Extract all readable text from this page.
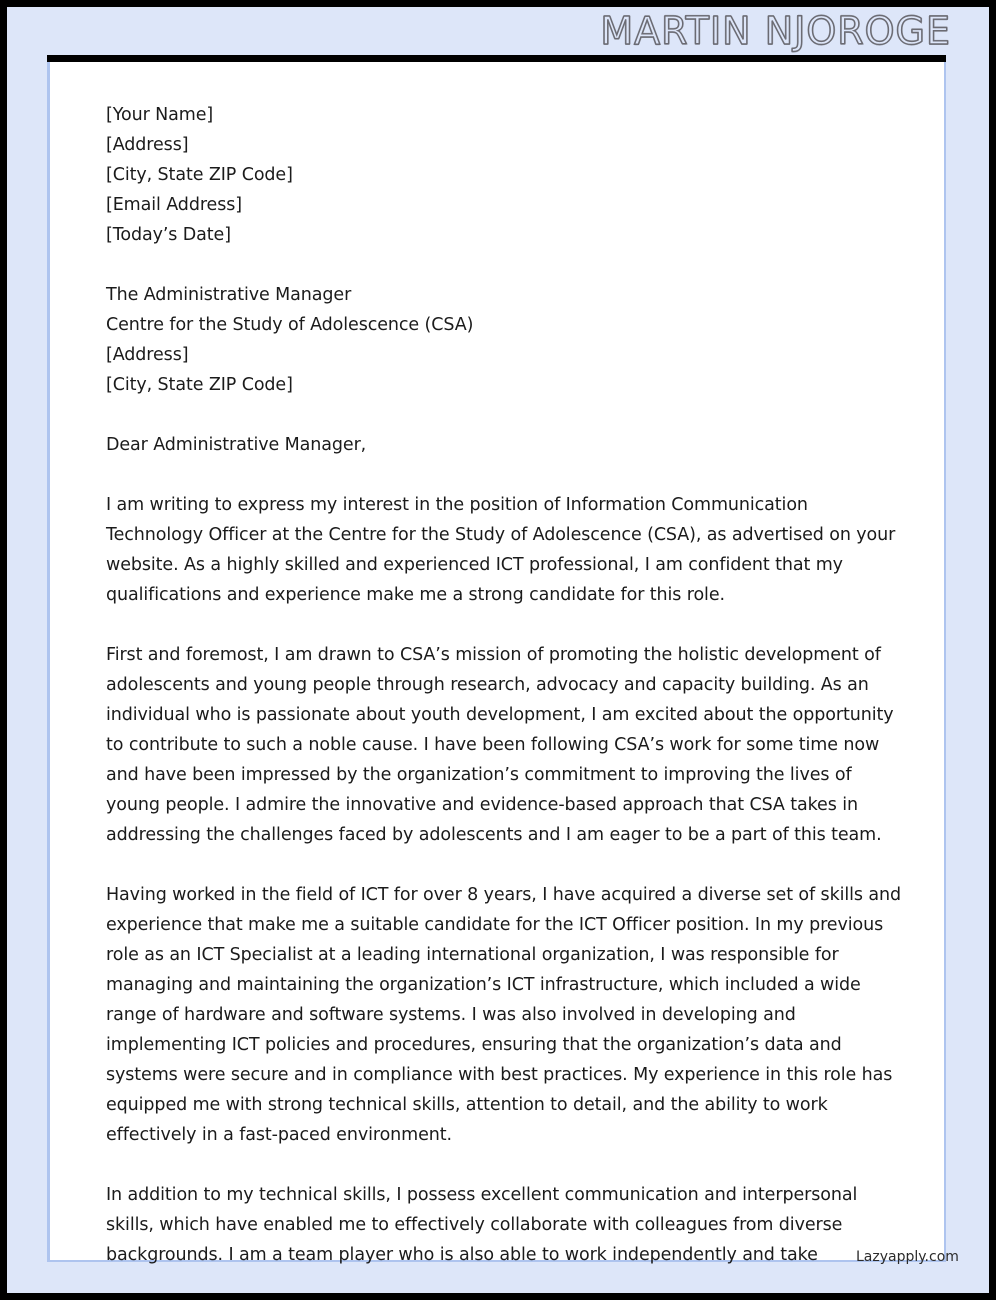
MARTIN NJOROGE
[Your Name]
[Address]
[City, State ZIP Code]
[Email Address]
[Today’s Date]
The Administrative Manager
Centre for the Study of Adolescence (CSA)
[Address]
[City, State ZIP Code]

Dear Administrative Manager,

I am writing to express my interest in the position of Information Communication Technology Officer at the Centre for the Study of Adolescence (CSA), as advertised on your website. As a highly skilled and experienced ICT professional, I am confident that my qualifications and experience make me a strong candidate for this role.

First and foremost, I am drawn to CSA’s mission of promoting the holistic development of adolescents and young people through research, advocacy and capacity building. As an individual who is passionate about youth development, I am excited about the opportunity to contribute to such a noble cause. I have been following CSA’s work for some time now and have been impressed by the organization’s commitment to improving the lives of young people. I admire the innovative and evidence-based approach that CSA takes in addressing the challenges faced by adolescents and I am eager to be a part of this team.

Having worked in the field of ICT for over 8 years, I have acquired a diverse set of skills and experience that make me a suitable candidate for the ICT Officer position. In my previous role as an ICT Specialist at a leading international organization, I was responsible for managing and maintaining the organization’s ICT infrastructure, which included a wide range of hardware and software systems. I was also involved in developing and implementing ICT policies and procedures, ensuring that the organization’s data and systems were secure and in compliance with best practices. My experience in this role has equipped me with strong technical skills, attention to detail, and the ability to work effectively in a fast-paced environment.

In addition to my technical skills, I possess excellent communication and interpersonal skills, which have enabled me to effectively collaborate with colleagues from diverse backgrounds. I am a team player who is also able to work independently and take	Lazyapply.com
